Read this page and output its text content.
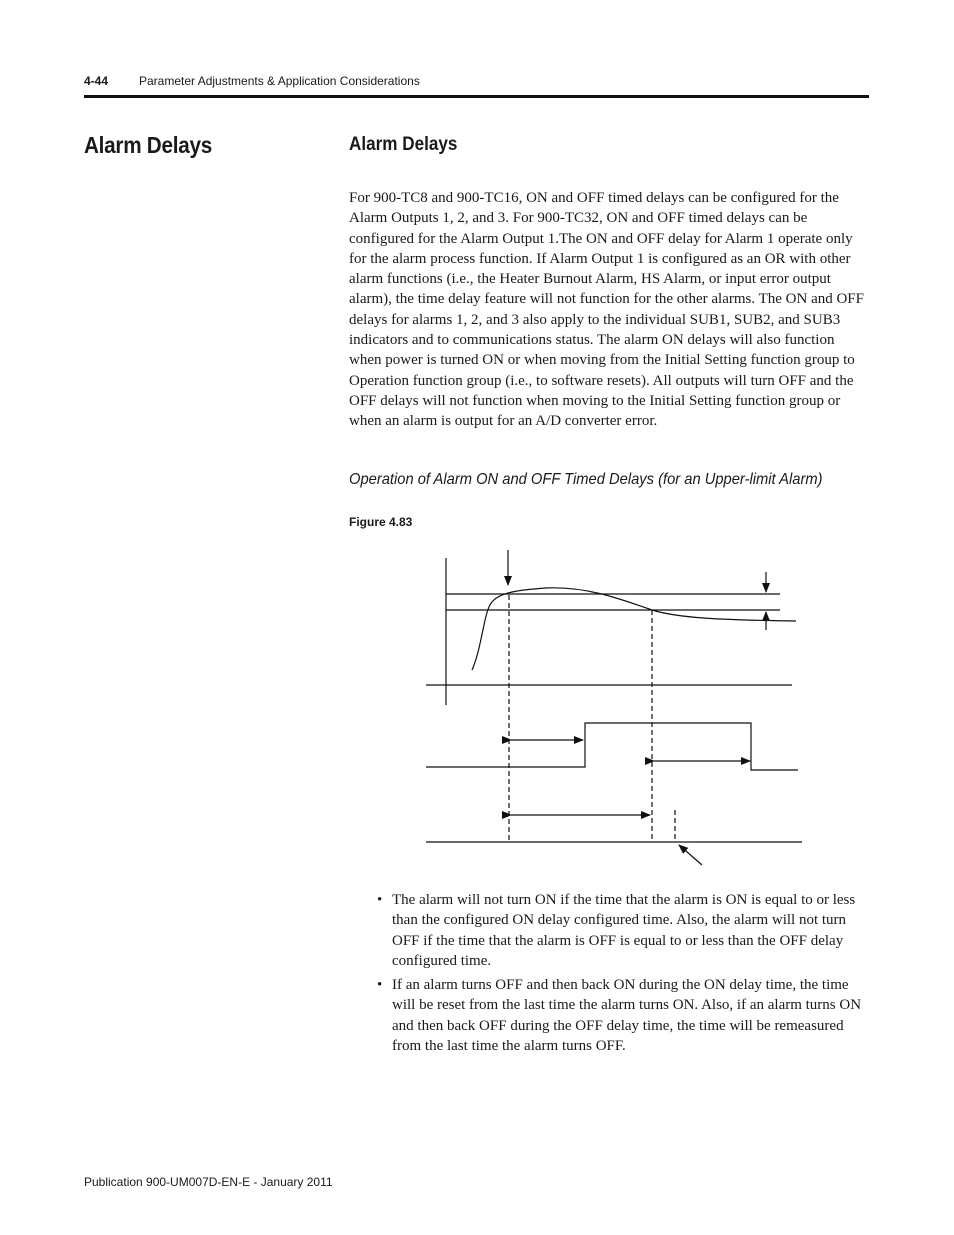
4-44	Parameter Adjustments & Application Considerations
Alarm Delays	Alarm Delays

For 900-TC8 and 900-TC16, ON and OFF timed delays can be configured for the Alarm Outputs 1, 2, and 3. For 900-TC32, ON and OFF timed delays can be configured for the Alarm Output 1.The ON and OFF delay for Alarm 1 operate only for the alarm process function. If Alarm Output 1 is configured as an OR with other alarm functions (i.e., the Heater Burnout Alarm, HS Alarm, or input error output alarm), the time delay feature will not function for the other alarms. The ON and OFF delays for alarms 1, 2, and 3 also apply to the individual SUB1, SUB2, and SUB3 indicators and to communications status. The alarm ON delays will also function when power is turned ON or when moving from the Initial Setting function group to Operation function group (i.e., to software resets). All outputs will turn OFF and the OFF delays will not function when moving to the Initial Setting function group or when an alarm is output for an A/D converter error.

Operation of Alarm ON and OFF Timed Delays (for an Upper-limit Alarm)
Figure 4.83
• The alarm will not turn ON if the time that the alarm is ON is equal to or less than the configured ON delay configured time. Also, the alarm will not turn OFF if the time that the alarm is OFF is equal to or less than the OFF delay configured time.
• If an alarm turns OFF and then back ON during the ON delay time, the time will be reset from the last time the alarm turns ON. Also, if an alarm turns ON and then back OFF during the OFF delay time, the time will be remeasured from the last time the alarm turns OFF.
Publication 900-UM007D-EN-E - January 2011
